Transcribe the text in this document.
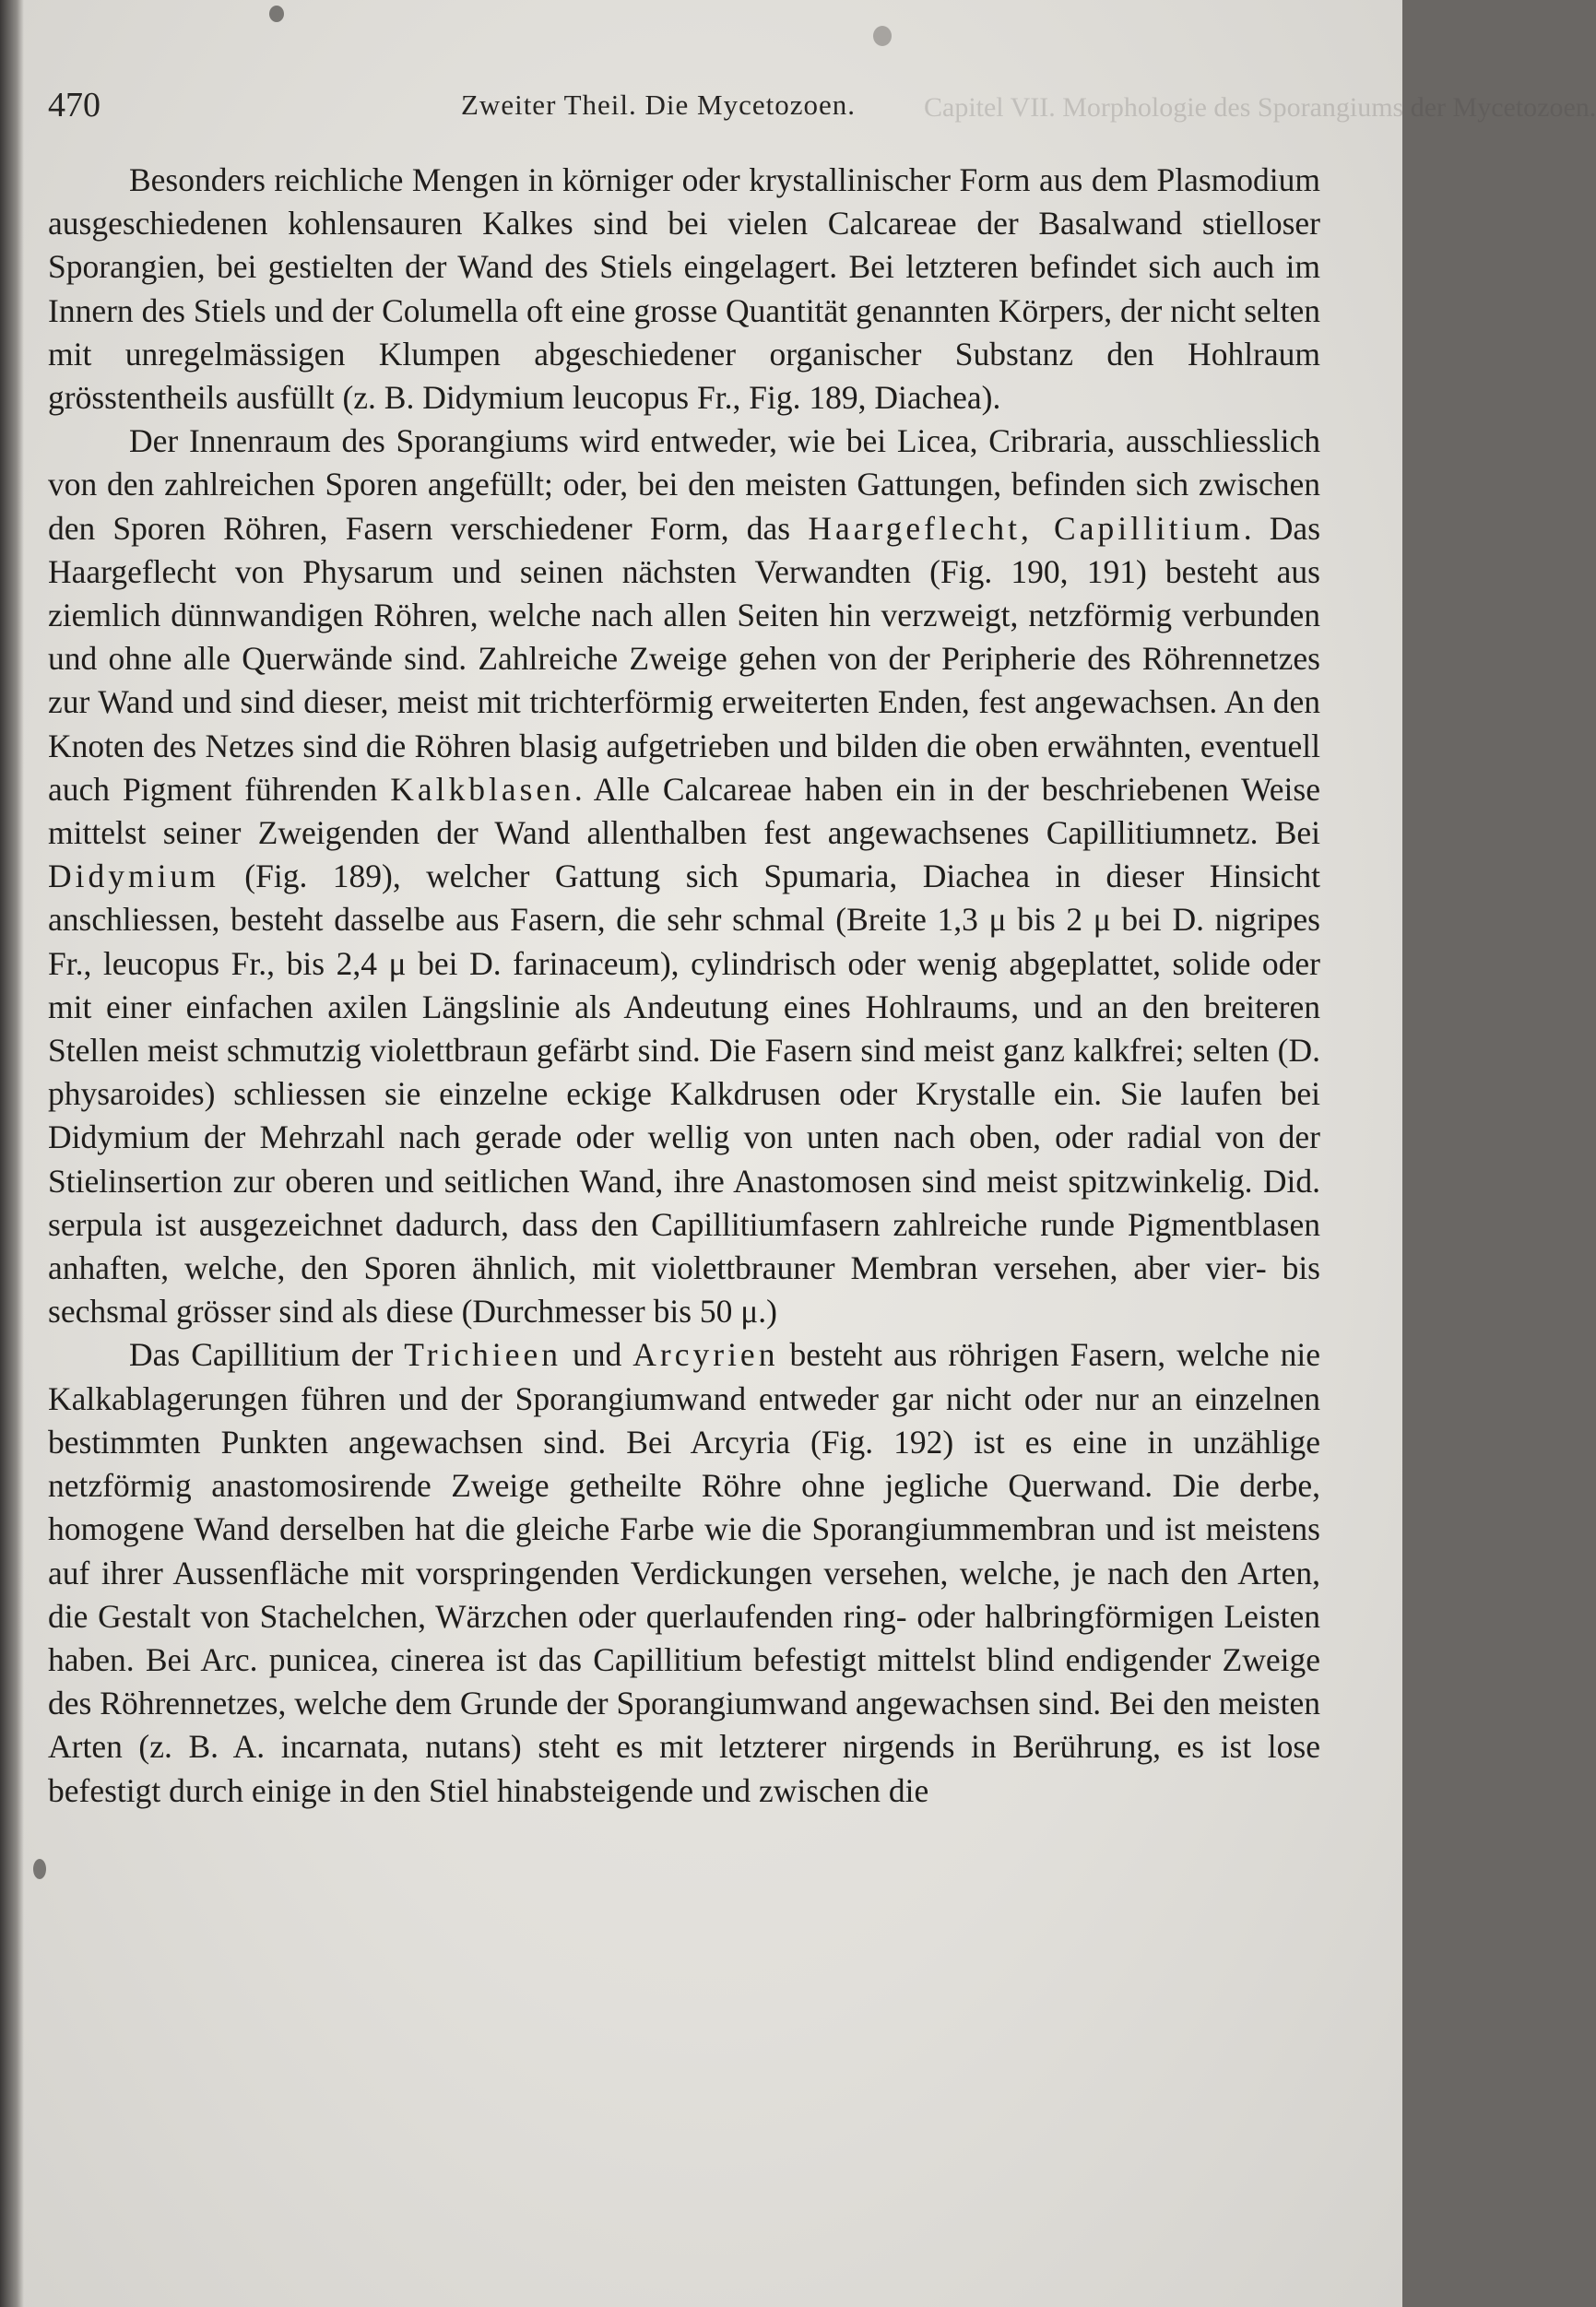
470	Zweiter Theil. Die Mycetozoen. Capitel VII. Morphologie des Sporangiums der Mycetozoen.

Besonders reichliche Mengen in körniger oder krystallinischer Form aus dem Plasmodium ausgeschiedenen kohlensauren Kalkes sind bei vielen Calcareae der Basalwand stielloser Sporangien, bei gestielten der Wand des Stiels eingelagert. Bei letzteren befindet sich auch im Innern des Stiels und der Columella oft eine grosse Quantität genannten Körpers, der nicht selten mit unregelmässigen Klumpen abgeschiedener organischer Substanz den Hohlraum grösstentheils ausfüllt (z. B. Didymium leucopus Fr., Fig. 189, Diachea).

Der Innenraum des Sporangiums wird entweder, wie bei Licea, Cribraria, ausschliesslich von den zahlreichen Sporen angefüllt; oder, bei den meisten Gattungen, befinden sich zwischen den Sporen Röhren, Fasern verschiedener Form, das Haargeflecht, Capillitium. Das Haargeflecht von Physarum und seinen nächsten Verwandten (Fig. 190, 191) besteht aus ziemlich dünnwandigen Röhren, welche nach allen Seiten hin verzweigt, netzförmig verbunden und ohne alle Querwände sind. Zahlreiche Zweige gehen von der Peripherie des Röhrennetzes zur Wand und sind dieser, meist mit trichterförmig erweiterten Enden, fest angewachsen. An den Knoten des Netzes sind die Röhren blasig aufgetrieben und bilden die oben erwähnten, eventuell auch Pigment führenden Kalkblasen. Alle Calcareae haben ein in der beschriebenen Weise mittelst seiner Zweigenden der Wand allenthalben fest angewachsenes Capillitiumnetz. Bei Didymium (Fig. 189), welcher Gattung sich Spumaria, Diachea in dieser Hinsicht anschliessen, besteht dasselbe aus Fasern, die sehr schmal (Breite 1,3 μ bis 2 μ bei D. nigripes Fr., leucopus Fr., bis 2,4 μ bei D. farinaceum), cylindrisch oder wenig abgeplattet, solide oder mit einer einfachen axilen Längslinie als Andeutung eines Hohlraums, und an den breiteren Stellen meist schmutzig violettbraun gefärbt sind. Die Fasern sind meist ganz kalkfrei; selten (D. physaroides) schliessen sie einzelne eckige Kalkdrusen oder Krystalle ein. Sie laufen bei Didymium der Mehrzahl nach gerade oder wellig von unten nach oben, oder radial von der Stielinsertion zur oberen und seitlichen Wand, ihre Anastomosen sind meist spitzwinkelig. Did. serpula ist ausgezeichnet dadurch, dass den Capillitiumfasern zahlreiche runde Pigmentblasen anhaften, welche, den Sporen ähnlich, mit violettbrauner Membran versehen, aber vier- bis sechsmal grösser sind als diese (Durchmesser bis 50 μ.)

Das Capillitium der Trichieen und Arcyrien besteht aus röhrigen Fasern, welche nie Kalkablagerungen führen und der Sporangiumwand entweder gar nicht oder nur an einzelnen bestimmten Punkten angewachsen sind. Bei Arcyria (Fig. 192) ist es eine in unzählige netzförmig anastomosirende Zweige getheilte Röhre ohne jegliche Querwand. Die derbe, homogene Wand derselben hat die gleiche Farbe wie die Sporangiummembran und ist meistens auf ihrer Aussenfläche mit vorspringenden Verdickungen versehen, welche, je nach den Arten, die Gestalt von Stachelchen, Wärzchen oder querlaufenden ring- oder halbringförmigen Leisten haben. Bei Arc. punicea, cinerea ist das Capillitium befestigt mittelst blind endigender Zweige des Röhrennetzes, welche dem Grunde der Sporangiumwand angewachsen sind. Bei den meisten Arten (z. B. A. incarnata, nutans) steht es mit letzterer nirgends in Berührung, es ist lose befestigt durch einige in den Stiel hinabsteigende und zwischen die
